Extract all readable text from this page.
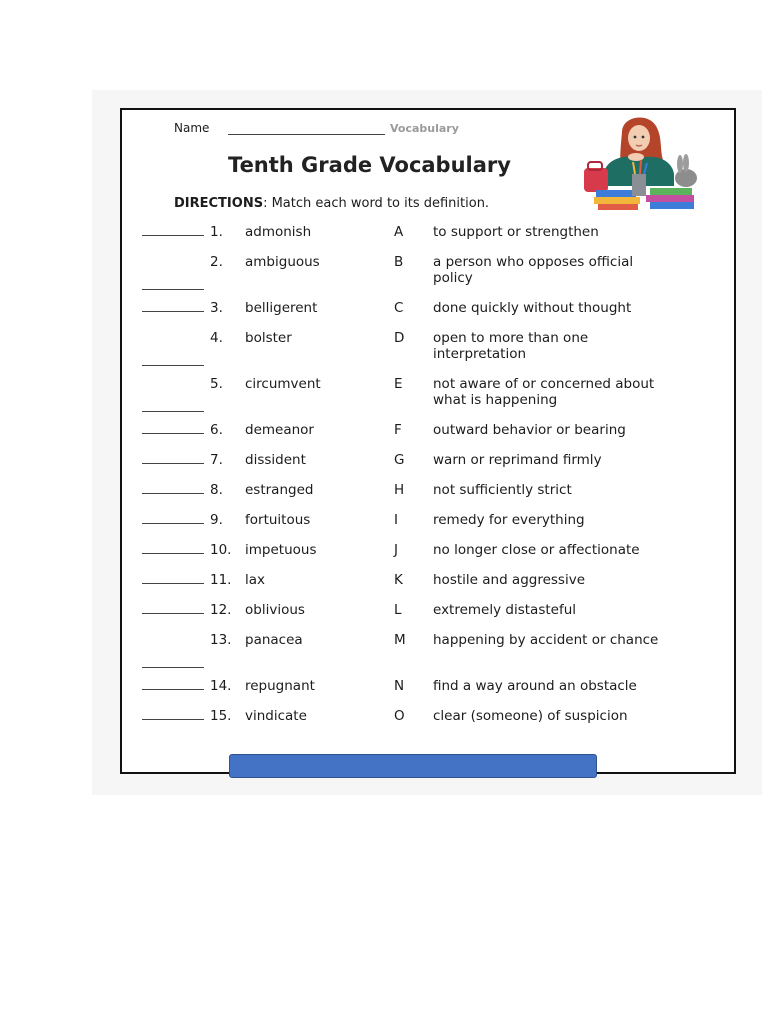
Name	Vocabulary
Tenth Grade Vocabulary
DIRECTIONS: Match each word to its definition.
1.	admonish	A to support or strengthen
2.	ambiguous	B a person who opposes official policy
3.	belligerent	C done quickly without thought
4.	bolster	D open to more than one interpretation
5.	circumvent	E not aware of or concerned about what is happening
6.	demeanor	F outward behavior or bearing
7.	dissident	G warn or reprimand firmly
8.	estranged	H not sufficiently strict
9.	fortuitous	I	remedy for everything
10.	impetuous	J	no longer close or affectionate
11.	lax	K hostile and aggressive
12.	oblivious	L extremely distasteful
13.	panacea	M happening by accident or chance
14.	repugnant	N find a way around an obstacle
15.	vindicate	O clear (someone) of suspicion
